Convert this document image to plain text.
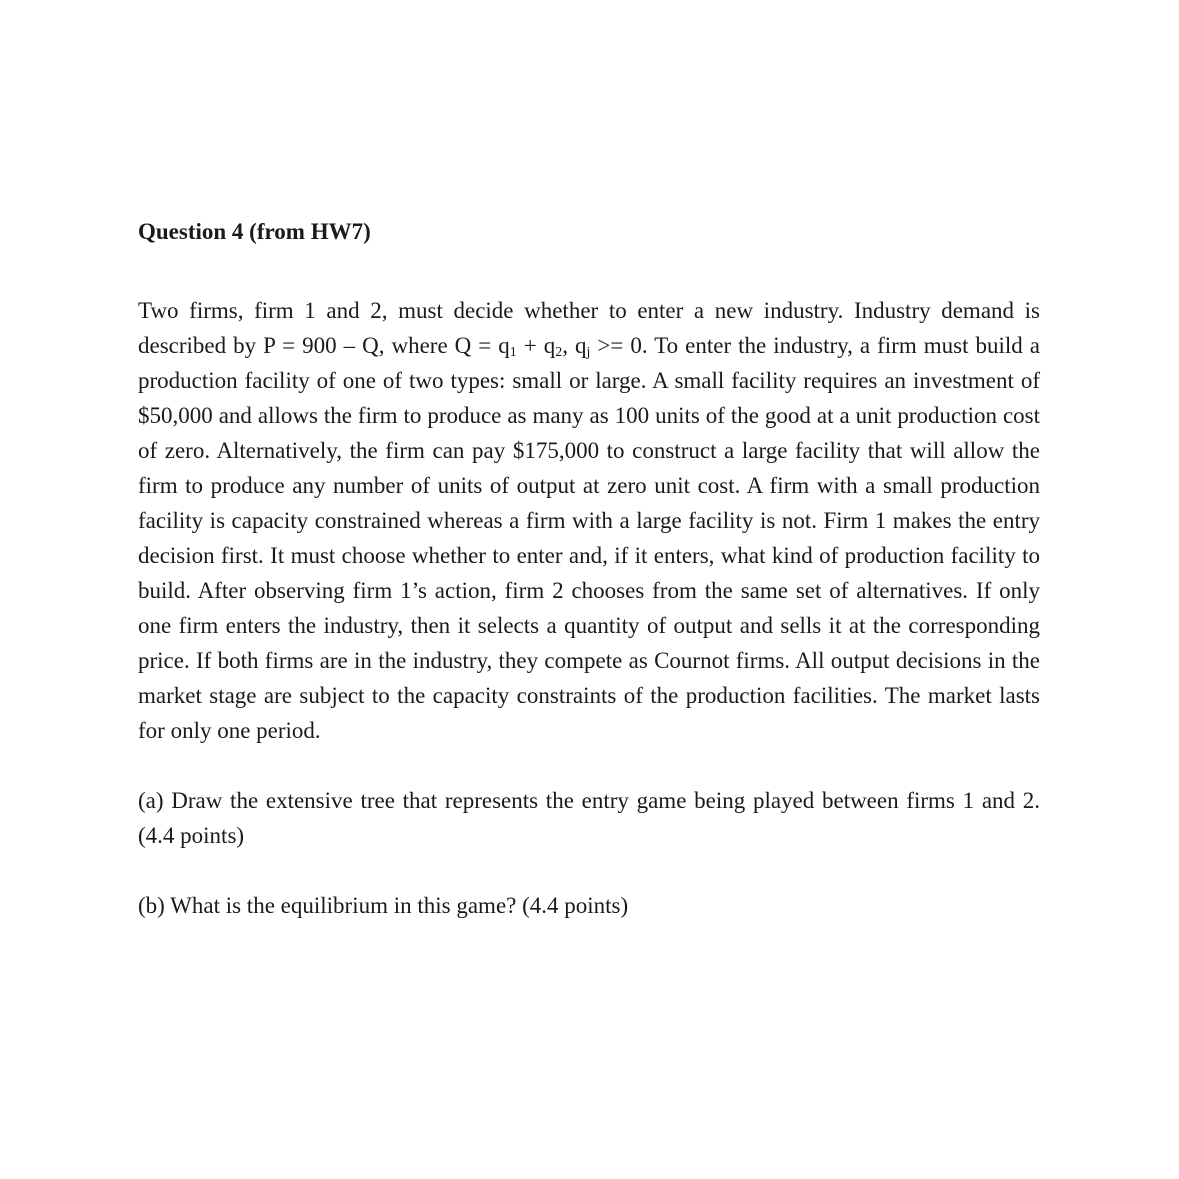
Question 4 (from HW7)

Two firms, firm 1 and 2, must decide whether to enter a new industry. Industry demand is described by P = 900 – Q, where $Q = q_1 + q_2$, $q_j >= 0$. To enter the industry, a firm must build a production facility of one of two types: small or large. A small facility requires an investment of $50,000 and allows the firm to produce as many as 100 units of the good at a unit production cost of zero. Alternatively, the firm can pay $175,000 to construct a large facility that will allow the firm to produce any number of units of output at zero unit cost. A firm with a small production facility is capacity constrained whereas a firm with a large facility is not. Firm 1 makes the entry decision first. It must choose whether to enter and, if it enters, what kind of production facility to build. After observing firm 1’s action, firm 2 chooses from the same set of alternatives. If only one firm enters the industry, then it selects a quantity of output and sells it at the corresponding price. If both firms are in the industry, they compete as Cournot firms. All output decisions in the market stage are subject to the capacity constraints of the production facilities. The market lasts for only one period.

(a) Draw the extensive tree that represents the entry game being played between firms 1 and 2. (4.4 points)

(b) What is the equilibrium in this game? (4.4 points)
